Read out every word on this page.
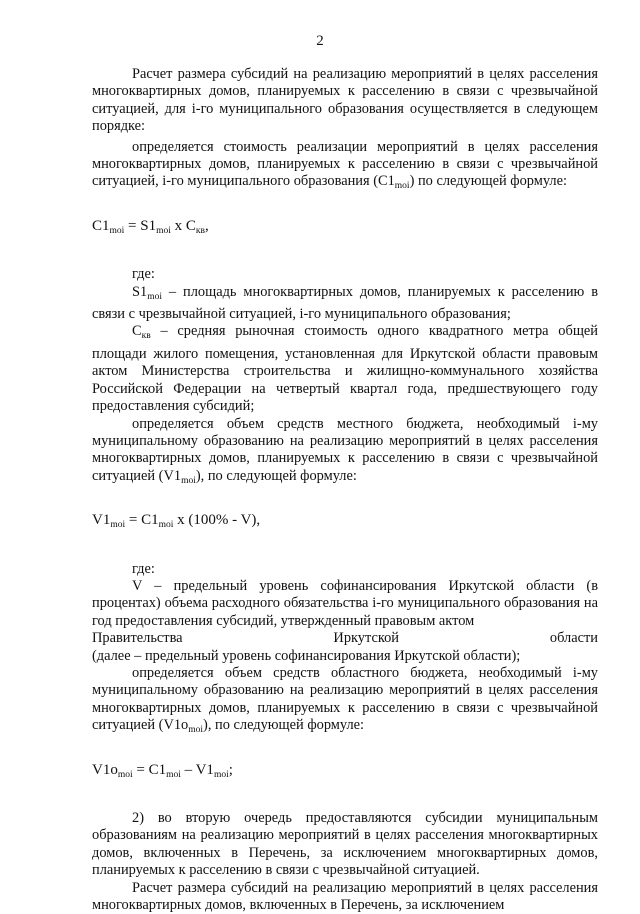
2

Расчет размера субсидий на реализацию мероприятий в целях расселения многоквартирных домов, планируемых к расселению в связи с чрезвычайной ситуацией, для i-го муниципального образования осуществляется в следующем порядке:

определяется стоимость реализации мероприятий в целях расселения многоквартирных домов, планируемых к расселению в связи с чрезвычайной ситуацией, i-го муниципального образования $(C1_{moi})$ по следующей формуле:

$C1_{moi} = S1_{moi}$ x $C_{кв}$,

где:

$S1_{moi}$ – площадь многоквартирных домов, планируемых к расселению в связи с чрезвычайной ситуацией, i-го муниципального образования;

$C_{кв}$ – средняя рыночная стоимость одного квадратного метра общей площади жилого помещения, установленная для Иркутской области правовым актом Министерства строительства и жилищно-коммунального хозяйства Российской Федерации на четвертый квартал года, предшествующего году предоставления субсидий;

определяется объем средств местного бюджета, необходимый i-му муниципальному образованию на реализацию мероприятий в целях расселения многоквартирных домов, планируемых к расселению в связи с чрезвычайной ситуацией $(V1_{moi})$, по следующей формуле:

$V1_{moi} = C1_{moi}$ x (100% - V),

где:

V – предельный уровень софинансирования Иркутской области (в процентах) объема расходного обязательства i-го муниципального образования на год предоставления субсидий, утвержденный правовым актом

Правительства	Иркутской	области

(далее – предельный уровень софинансирования Иркутской области);

определяется объем средств областного бюджета, необходимый i-му муниципальному образованию на реализацию мероприятий в целях расселения многоквартирных домов, планируемых к расселению в связи с чрезвычайной ситуацией $(V1o_{moi})$, по следующей формуле:

$V1o_{moi} = C1_{moi} - V1_{moi}$;

2) во вторую очередь предоставляются субсидии муниципальным образованиям на реализацию мероприятий в целях расселения многоквартирных домов, включенных в Перечень, за исключением многоквартирных домов, планируемых к расселению в связи с чрезвычайной ситуацией.

Расчет размера субсидий на реализацию мероприятий в целях расселения многоквартирных домов, включенных в Перечень, за исключением
